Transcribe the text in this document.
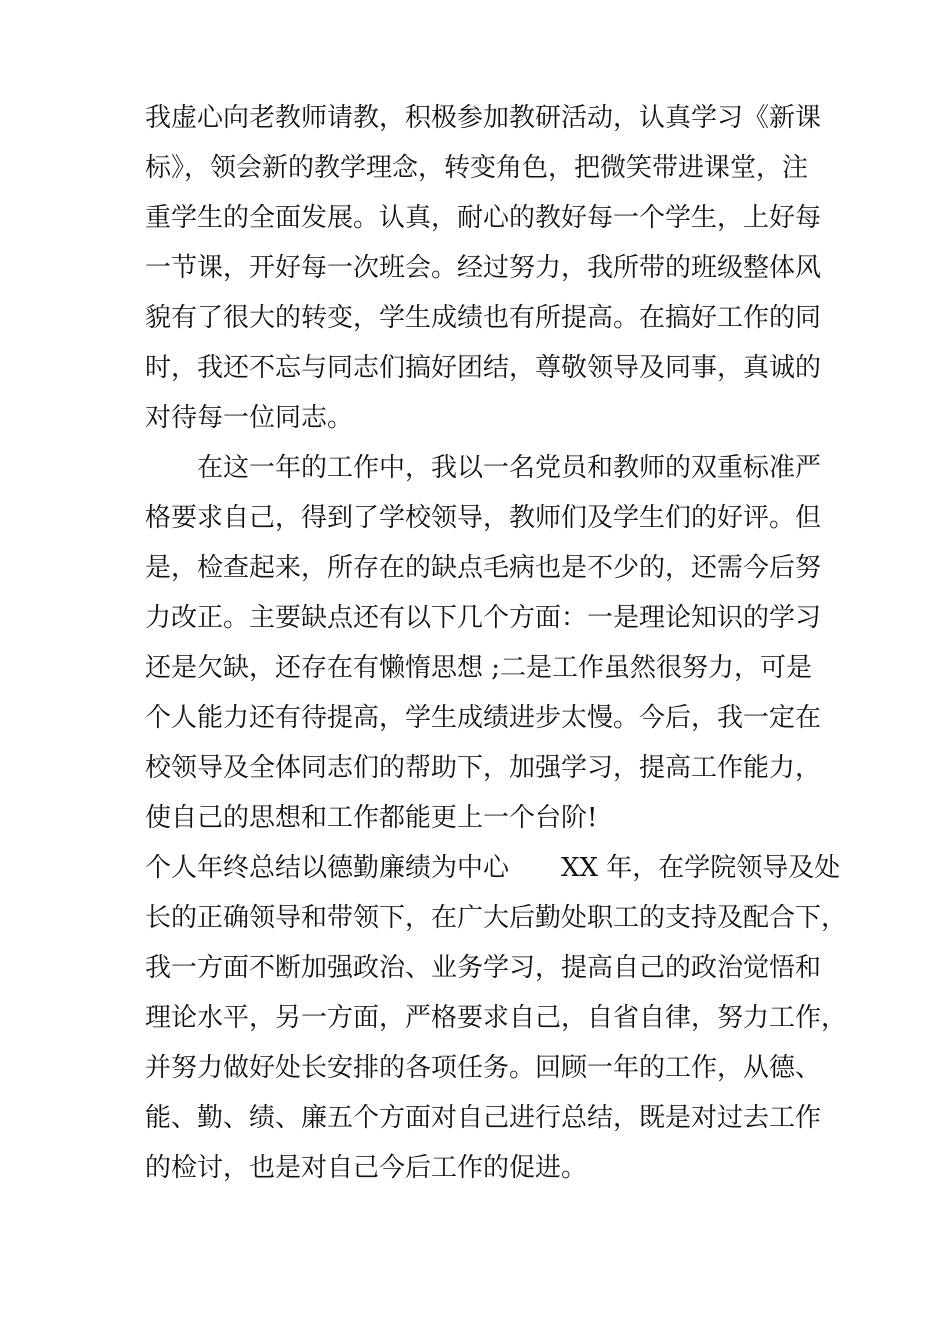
我虚心向老教师请教，积极参加教研活动，认真学习《新课
标》，领会新的教学理念，转变角色，把微笑带进课堂，注
重学生的全面发展。认真，耐心的教好每一个学生，上好每
一节课，开好每一次班会。经过努力，我所带的班级整体风
貌有了很大的转变，学生成绩也有所提高。在搞好工作的同
时，我还不忘与同志们搞好团结，尊敬领导及同事，真诚的
对待每一位同志。
在这一年的工作中，我以一名党员和教师的双重标准严
格要求自己，得到了学校领导，教师们及学生们的好评。但
是，检查起来，所存在的缺点毛病也是不少的，还需今后努
力改正。主要缺点还有以下几个方面：一是理论知识的学习
还是欠缺，还存在有懒惰思想 ;二是工作虽然很努力，可是
个人能力还有待提高，学生成绩进步太慢。今后，我一定在
校领导及全体同志们的帮助下，加强学习，提高工作能力，
使自己的思想和工作都能更上一个台阶!
个人年终总结以德勤廉绩为中心 XX 年，在学院领导及处
长的正确领导和带领下，在广大后勤处职工的支持及配合下，
我一方面不断加强政治、业务学习，提高自己的政治觉悟和
理论水平，另一方面，严格要求自己，自省自律，努力工作，
并努力做好处长安排的各项任务。回顾一年的工作，从德、
能、勤、绩、廉五个方面对自己进行总结，既是对过去工作
的检讨，也是对自己今后工作的促进。
